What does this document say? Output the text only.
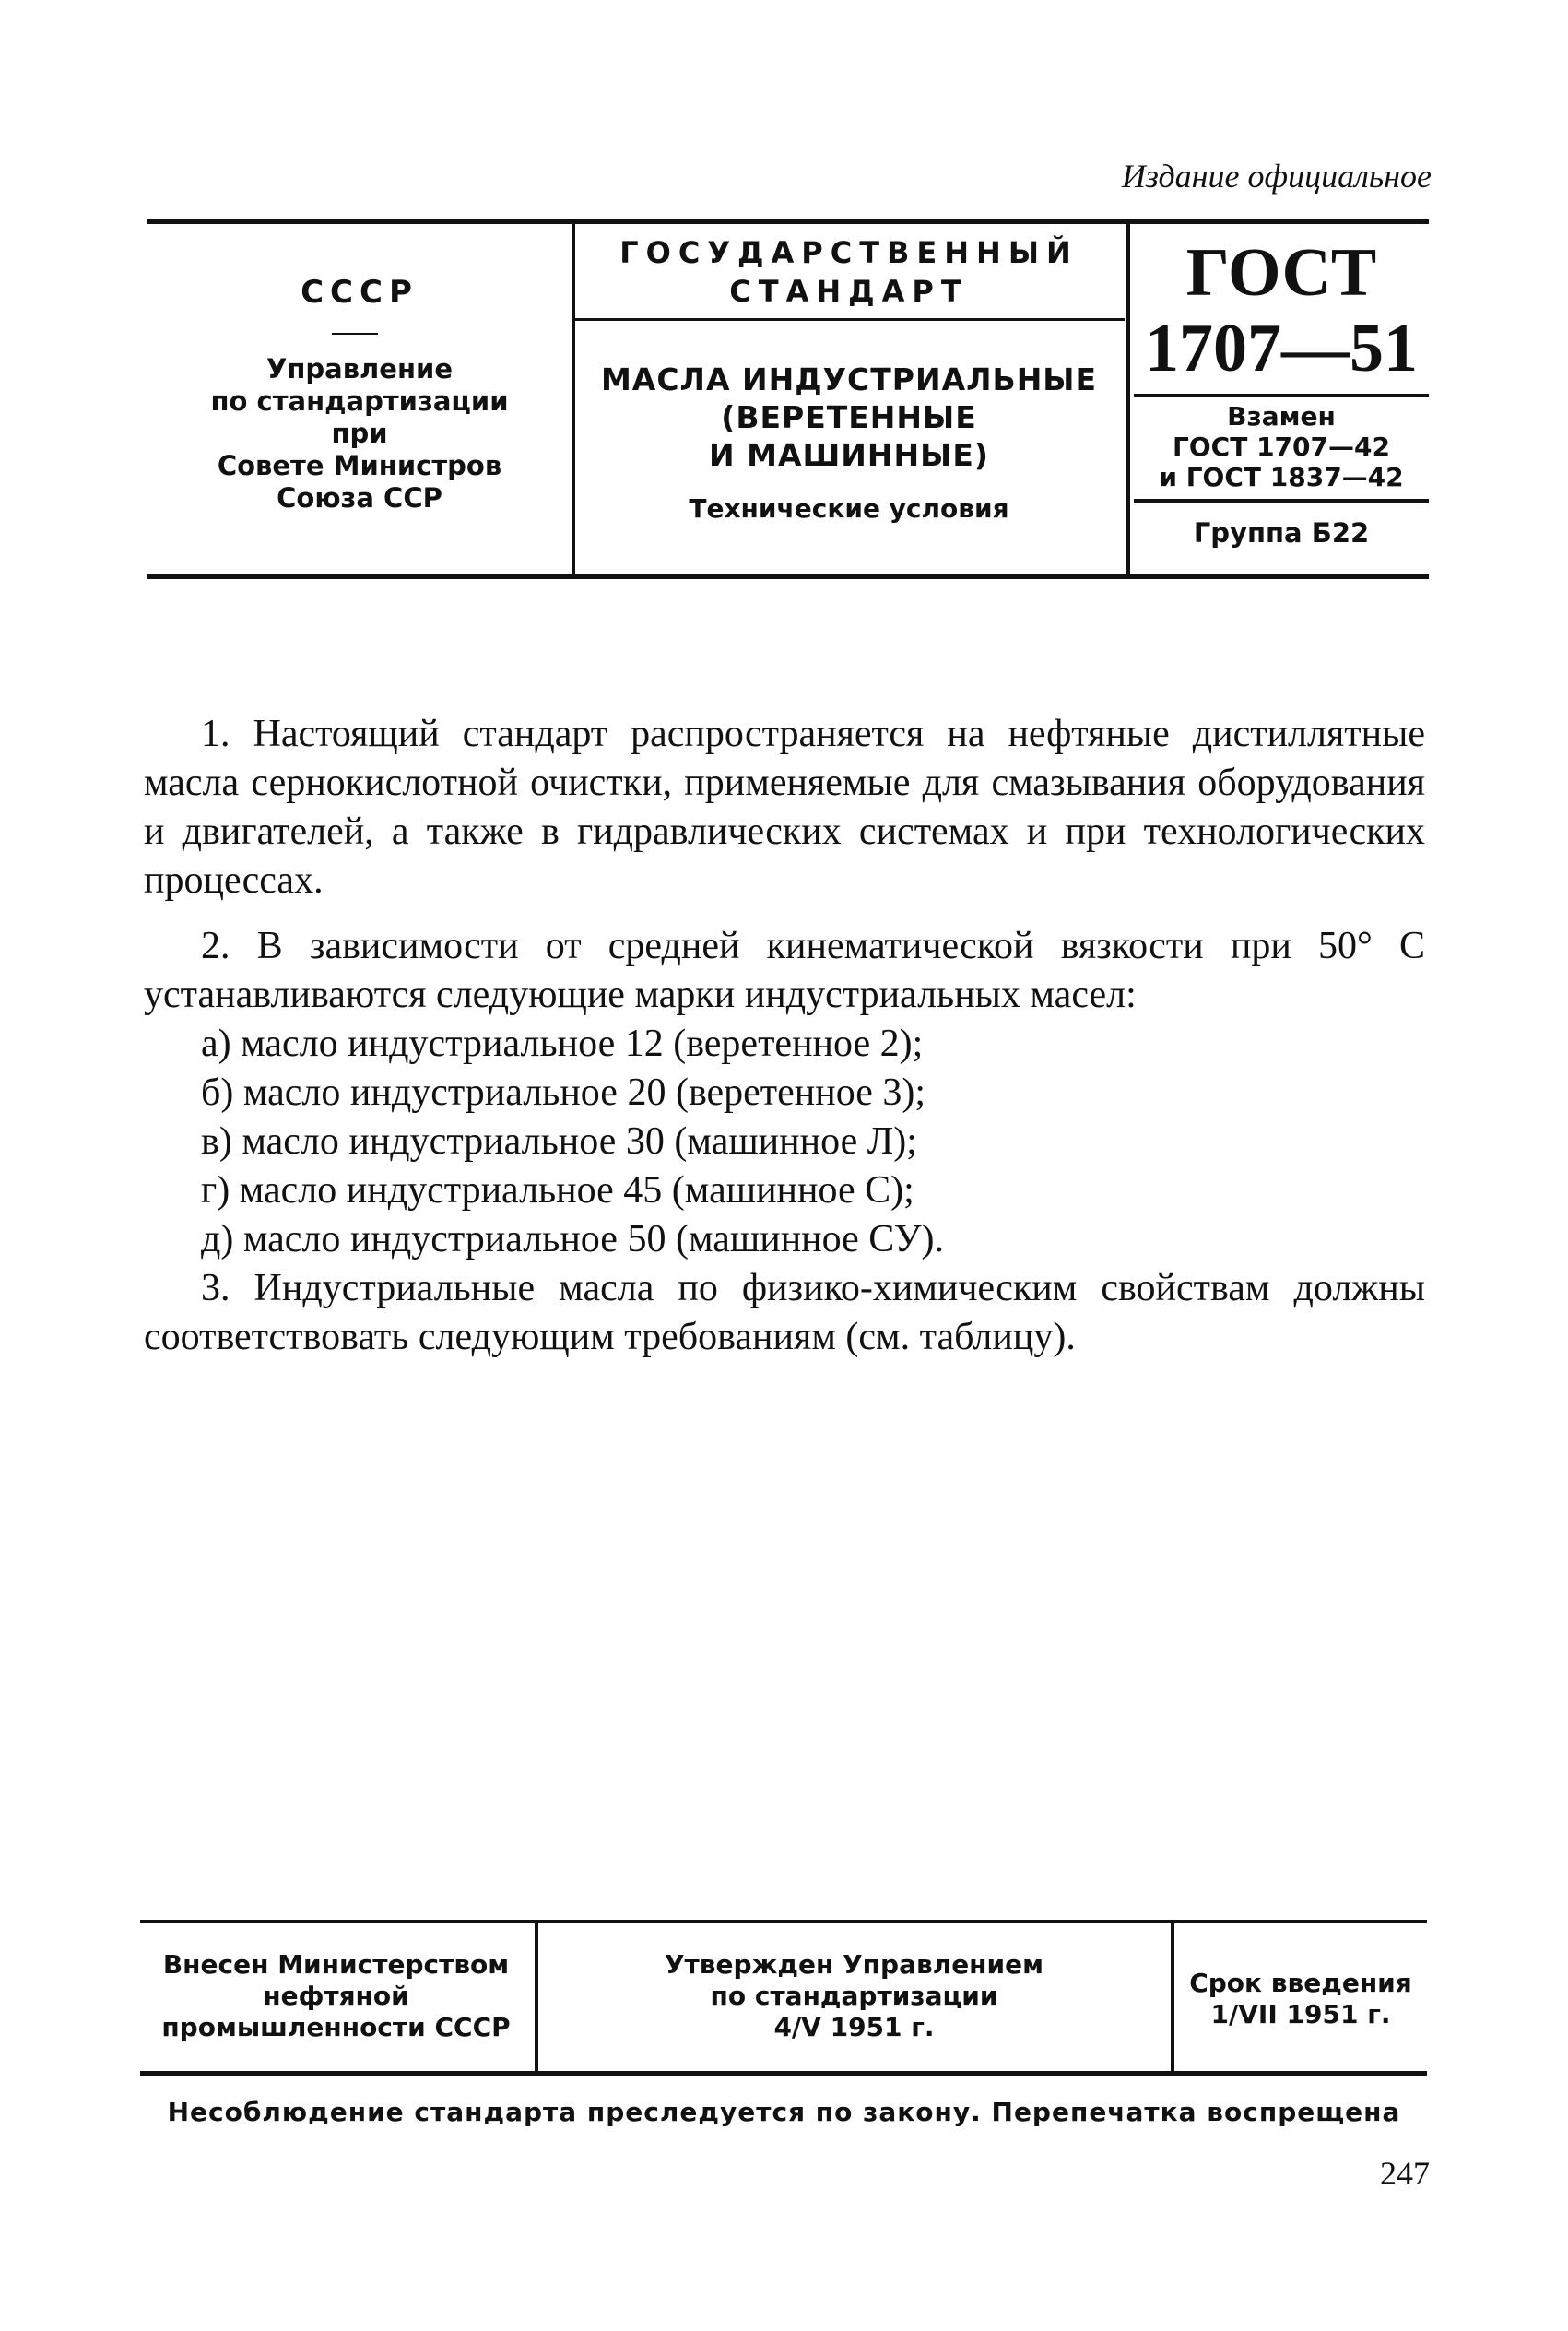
Издание официальное
СССР
Управление
по стандартизации
при
Совете Министров
Союза ССР
ГОСУДАРСТВЕННЫЙ
СТАНДАРТ
МАСЛА ИНДУСТРИАЛЬНЫЕ
(ВЕРЕТЕННЫЕ
И МАШИННЫЕ)
Технические условия
ГОСТ
1707—51
Взамен
ГОСТ 1707—42
и ГОСТ 1837—42
Группа Б22

1. Настоящий стандарт распространяется на нефтяные дистиллятные масла сернокислотной очистки, применяемые для смазывания оборудования и двигателей, а также в гидравлических системах и при технологических процессах.

2. В зависимости от средней кинематической вязкости при 50° С устанавливаются следующие марки индустриальных масел:

а) масло индустриальное 12 (веретенное 2);

б) масло индустриальное 20 (веретенное 3);

в) масло индустриальное 30 (машинное Л);

г) масло индустриальное 45 (машинное С);

д) масло индустриальное 50 (машинное СУ).

3. Индустриальные масла по физико-химическим свойствам должны соответствовать следующим требованиям (см. таблицу).

Внесен Министерством
нефтяной
промышленности СССР
Утвержден Управлением
по стандартизации
4/V 1951 г.
Срок введения
1/VII 1951 г.
Несоблюдение стандарта преследуется по закону. Перепечатка воспрещена
247
